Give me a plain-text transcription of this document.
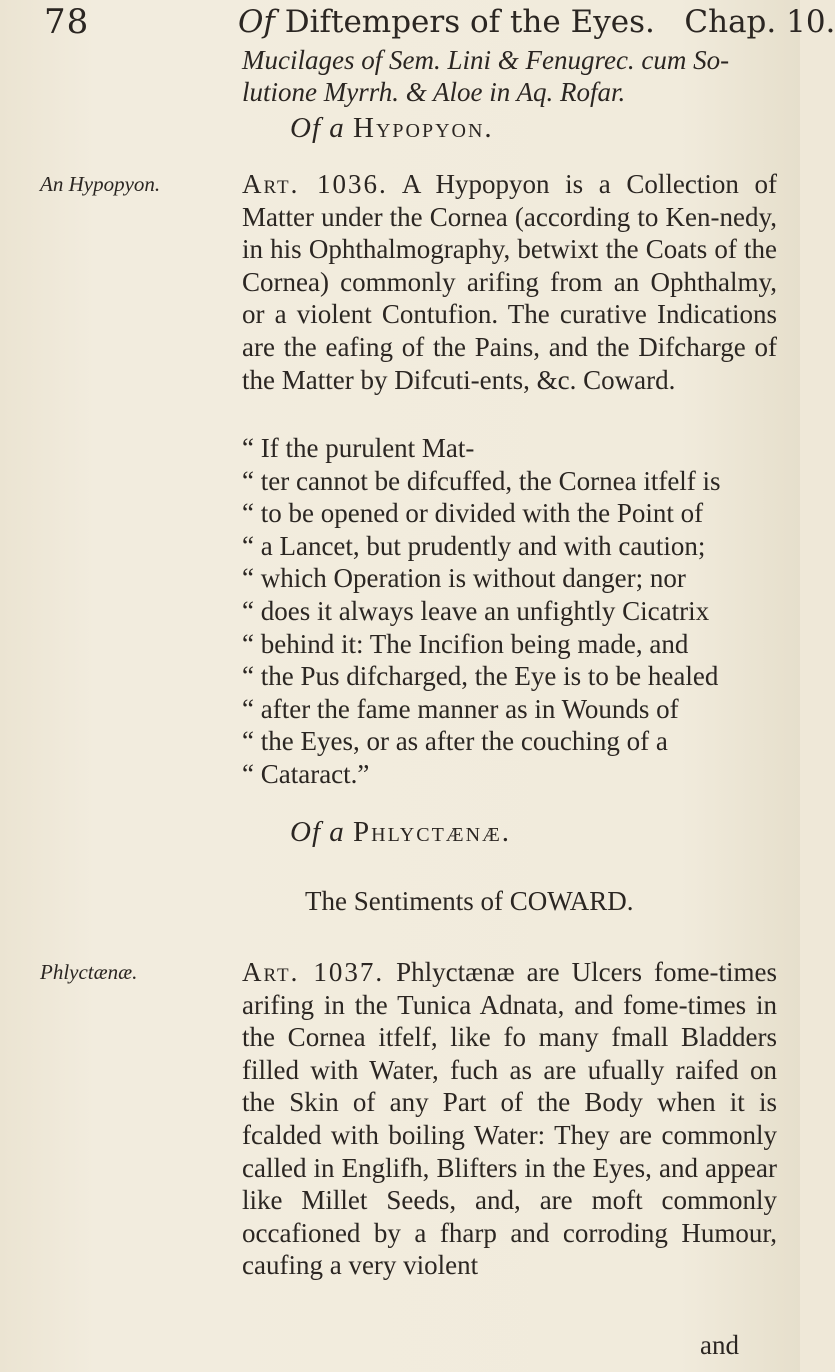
78	Of Diftempers of the Eyes. Chap. 10.
Mucilages of Sem. Lini & Fenugrec. cum So-lutione Myrrh. & Aloe in Aq. Rofar.
Of a Hypopyon.
An Hypopyon.	Art. 1036. A Hypopyon is a Collection of Matter under the Cornea (according to Ken-nedy, in his Ophthalmography, betwixt the Coats of the Cornea) commonly arifing from an Ophthalmy, or a violent Contufion. The curative Indications are the eafing of the Pains, and the Difcharge of the Matter by Difcuti-ents, &c. Coward.
“ If the purulent Mat-
“ ter cannot be difcuffed, the Cornea itfelf is
“ to be opened or divided with the Point of
“ a Lancet, but prudently and with caution;
“ which Operation is without danger; nor
“ does it always leave an unfightly Cicatrix
“ behind it: The Incifion being made, and
“ the Pus difcharged, the Eye is to be healed
“ after the fame manner as in Wounds of
“ the Eyes, or as after the couching of a
“ Cataract.”
Of a Phlyctænæ.
The Sentiments of COWARD.
Phlyctænæ.	Art. 1037. Phlyctænæ are Ulcers fome-times arifing in the Tunica Adnata, and fome-times in the Cornea itfelf, like fo many fmall Bladders filled with Water, fuch as are ufually raifed on the Skin of any Part of the Body when it is fcalded with boiling Water: They are commonly called in Englifh, Blifters in the Eyes, and appear like Millet Seeds, and, are moft commonly occafioned by a fharp and corroding Humour, caufing a very violent
and
